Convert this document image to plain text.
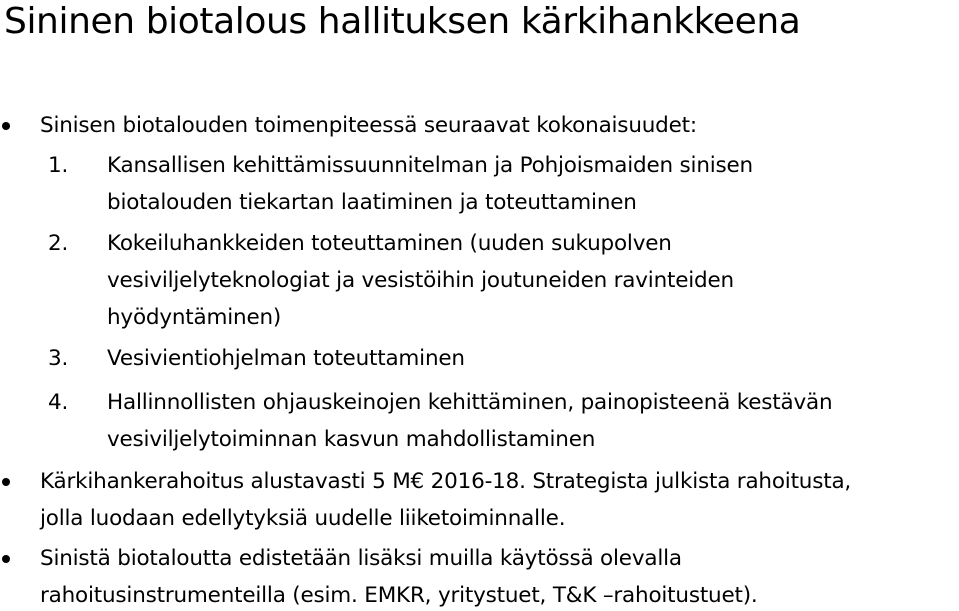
Sininen biotalous hallituksen kärkihankkeena
Sinisen biotalouden toimenpiteessä seuraavat kokonaisuudet:
1. Kansallisen kehittämissuunnitelman ja Pohjoismaiden sinisen
biotalouden tiekartan laatiminen ja toteuttaminen
2. Kokeiluhankkeiden toteuttaminen (uuden sukupolven
vesiviljelyteknologiat ja vesistöihin joutuneiden ravinteiden
hyödyntäminen)
3. Vesivientiohjelman toteuttaminen
4. Hallinnollisten ohjauskeinojen kehittäminen, painopisteenä kestävän
vesiviljelytoiminnan kasvun mahdollistaminen
Kärkihankerahoitus alustavasti 5 M€ 2016-18. Strategista julkista rahoitusta,
jolla luodaan edellytyksiä uudelle liiketoiminnalle.
Sinistä biotaloutta edistetään lisäksi muilla käytössä olevalla
rahoitusinstrumenteilla (esim. EMKR, yritystuet, T&K –rahoitustuet).
